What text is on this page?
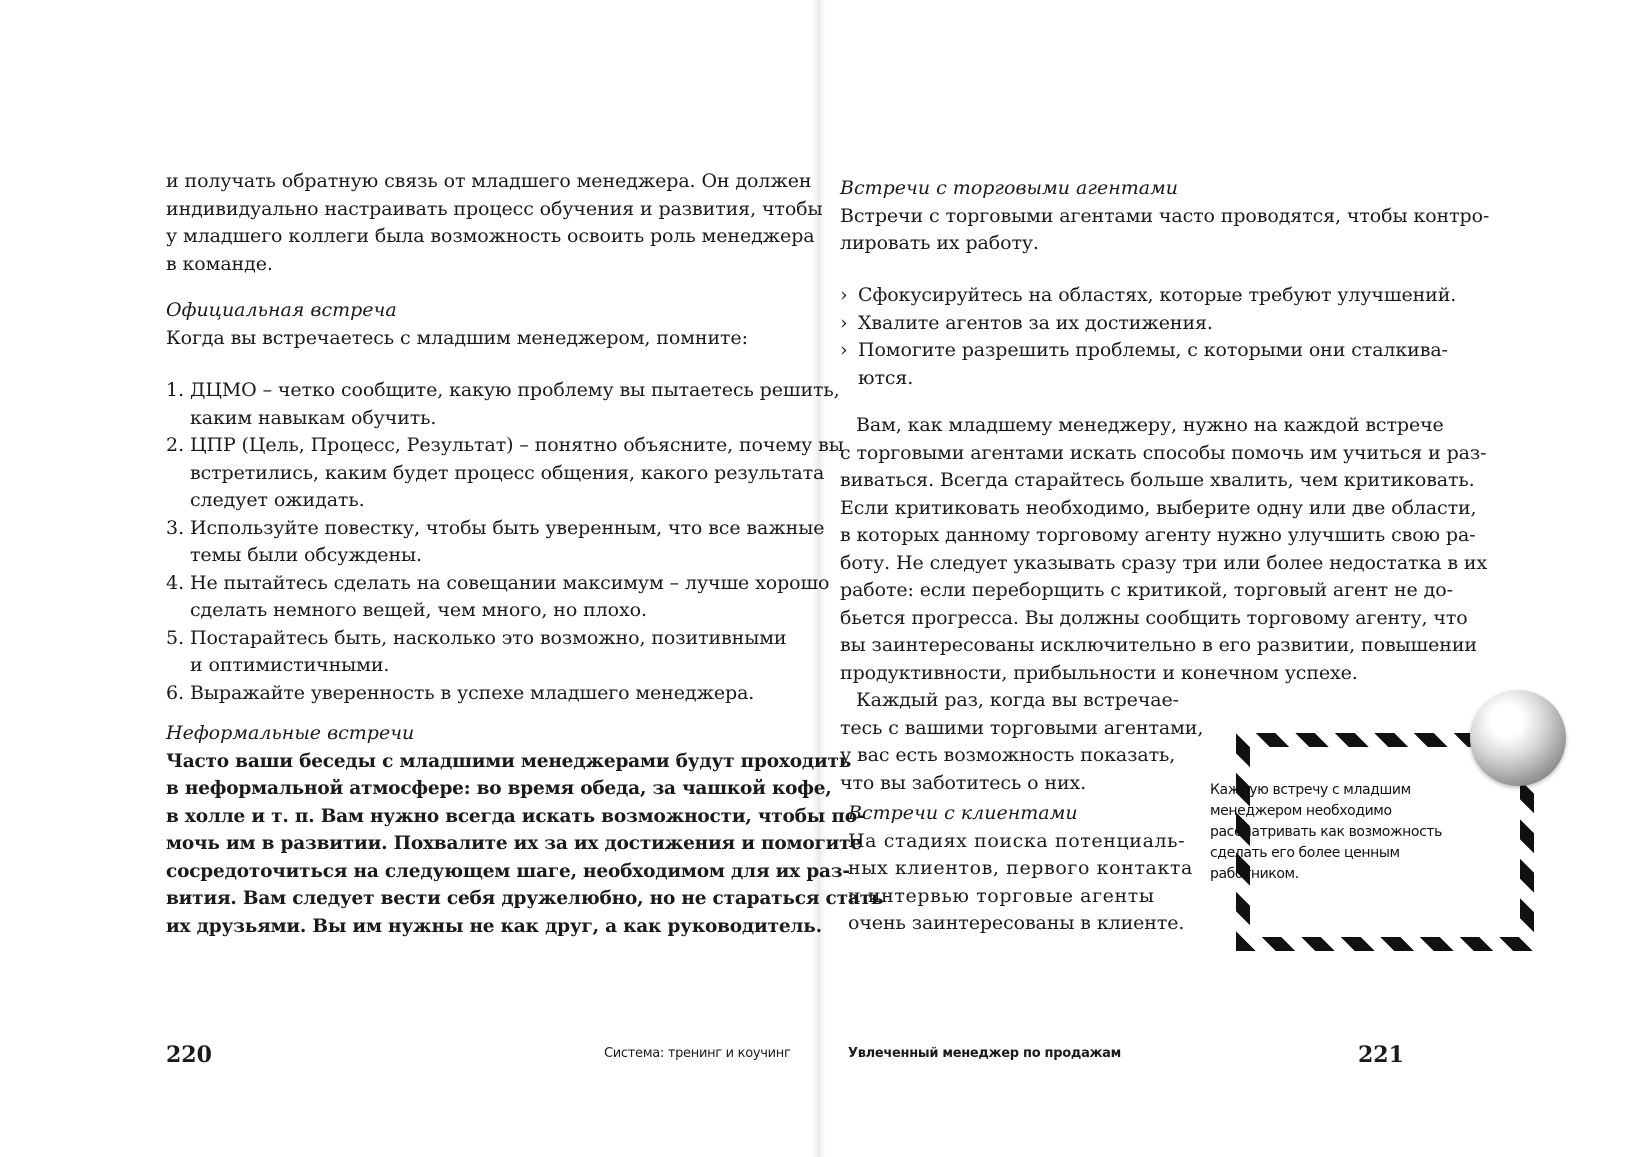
и получать обратную связь от младшего менеджера. Он должен

индивидуально настраивать процесс обучения и развития, чтобы

у младшего коллеги была возможность освоить роль менеджера

в команде.

Официальная встреча

Когда вы встречаетесь с младшим менеджером, помните:

1. ДЦМО – четко сообщите, какую проблему вы пытаетесь решить,

каким навыкам обучить.

2. ЦПР (Цель, Процесс, Результат) – понятно объясните, почему вы

встретились, каким будет процесс общения, какого результата

следует ожидать.

3. Используйте повестку, чтобы быть уверенным, что все важные

темы были обсуждены.

4. Не пытайтесь сделать на совещании максимум – лучше хорошо

сделать немного вещей, чем много, но плохо.

5. Постарайтесь быть, насколько это возможно, позитивными

и оптимистичными.

6. Выражайте уверенность в успехе младшего менеджера.

Неформальные встречи

Часто ваши беседы с младшими менеджерами будут проходить

в неформальной атмосфере: во время обеда, за чашкой кофе,

в холле и т. п. Вам нужно всегда искать возможности, чтобы по-

мочь им в развитии. Похвалите их за их достижения и помогите

сосредоточиться на следующем шаге, необходимом для их раз-

вития. Вам следует вести себя дружелюбно, но не стараться стать

их друзьями. Вы им нужны не как друг, а как руководитель.

220	Система: тренинг и коучинг

Встречи с торговыми агентами

Встречи с торговыми агентами часто проводятся, чтобы контро-

лировать их работу.

› Сфокусируйтесь на областях, которые требуют улучшений.

› Хвалите агентов за их достижения.

› Помогите разрешить проблемы, с которыми они сталкива-

ются.

Вам, как младшему менеджеру, нужно на каждой встрече

с торговыми агентами искать способы помочь им учиться и раз-

виваться. Всегда старайтесь больше хвалить, чем критиковать.

Если критиковать необходимо, выберите одну или две области,

в которых данному торговому агенту нужно улучшить свою ра-

боту. Не следует указывать сразу три или более недостатка в их

работе: если переборщить с критикой, торговый агент не до-

бьется прогресса. Вы должны сообщить торговому агенту, что

вы заинтересованы исключительно в его развитии, повышении

продуктивности, прибыльности и конечном успехе.

Каждый раз, когда вы встречае-

тесь с вашими торговыми агентами,

у вас есть возможность показать,

что вы заботитесь о них.

Встречи с клиентами

На стадиях поиска потенциаль-

ных клиентов, первого контакта

и интервью торговые агенты

очень заинтересованы в клиенте.

Каждую встречу с младшим

менеджером необходимо

рассматривать как возможность

сделать его более ценным

работником.

Увлеченный менеджер по продажам	221
